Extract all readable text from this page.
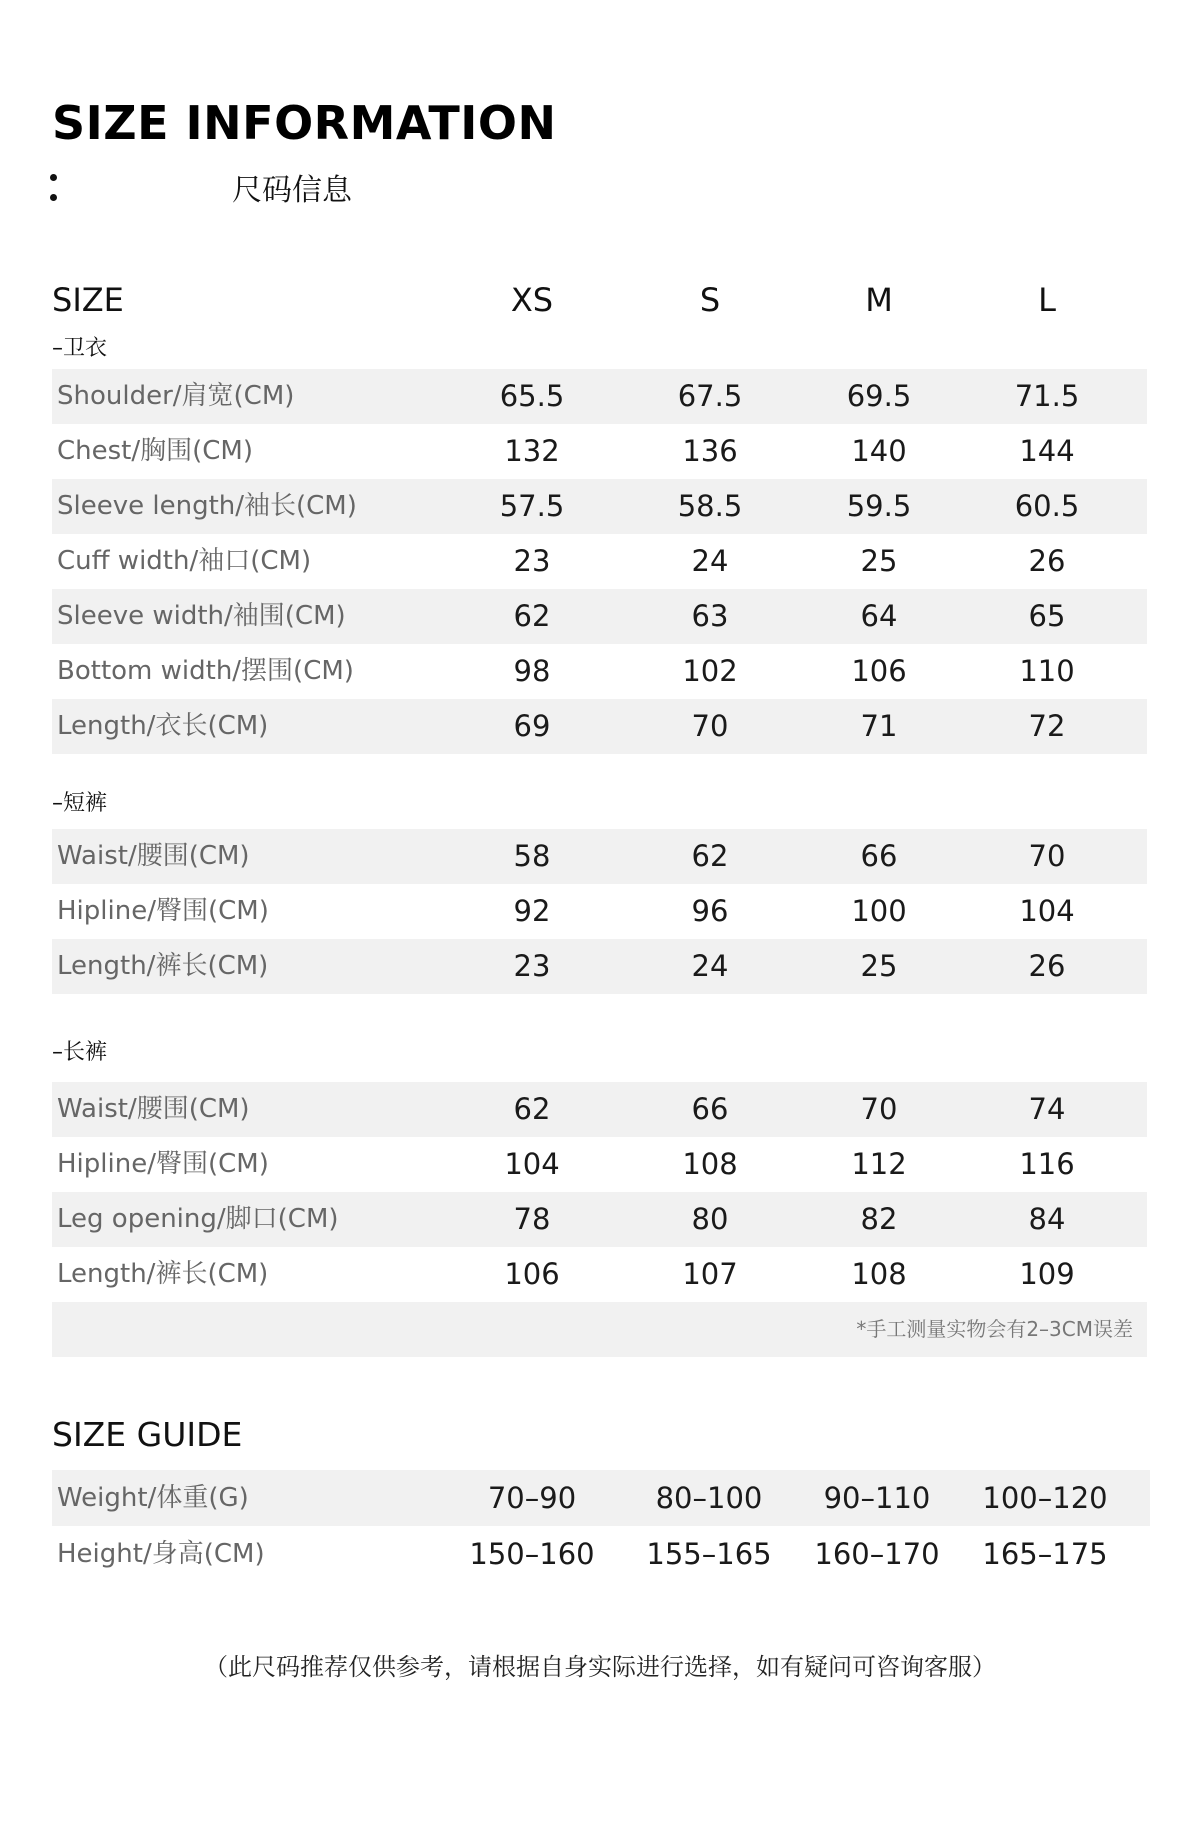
SIZE INFORMATION
尺码信息
SIZE	XS	S	M	L
–卫衣
Shoulder/肩宽(CM)	65.5	67.5	69.5	71.5
Chest/胸围(CM)	132	136	140	144
Sleeve length/袖长(CM)	57.5	58.5	59.5	60.5
Cuff width/袖口(CM)	23	24	25	26
Sleeve width/袖围(CM)	62	63	64	65
Bottom width/摆围(CM)	98	102	106	110
Length/衣长(CM)	69	70	71	72
–短裤
Waist/腰围(CM)	58	62	66	70
Hipline/臀围(CM)	92	96	100	104
Length/裤长(CM)	23	24	25	26
–长裤
Waist/腰围(CM)	62	66	70	74
Hipline/臀围(CM)	104	108	112	116
Leg opening/脚口(CM)	78	80	82	84
Length/裤长(CM)	106	107	108	109
*手工测量实物会有2–3CM误差
SIZE GUIDE
Weight/体重(G)	70–90	80–100	90–110	100–120
Height/身高(CM)	150–160	155–165	160–170	165–175
（此尺码推荐仅供参考，请根据自身实际进行选择，如有疑问可咨询客服）
